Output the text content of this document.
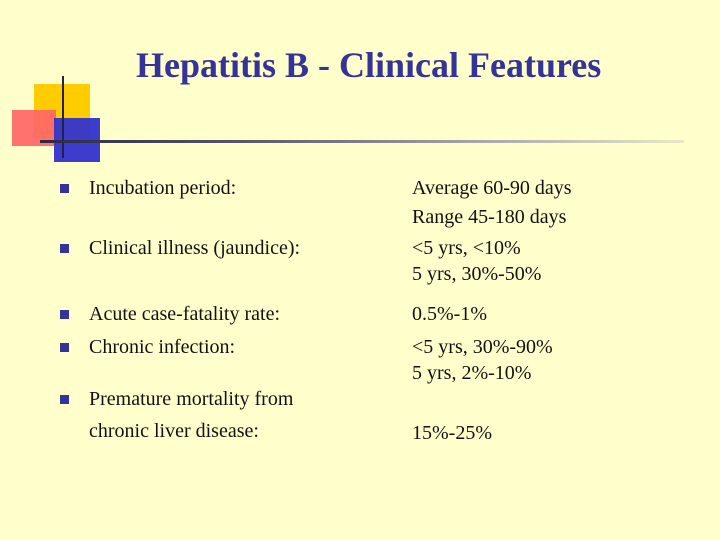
Hepatitis B - Clinical Features
Incubation period:	Average 60-90 days
Range 45-180 days
Clinical illness (jaundice):	<5 yrs, <10%
5 yrs, 30%-50%
Acute case-fatality rate:	0.5%-1%
Chronic infection:	<5 yrs, 30%-90%
5 yrs, 2%-10%
Premature mortality from
chronic liver disease:	15%-25%
